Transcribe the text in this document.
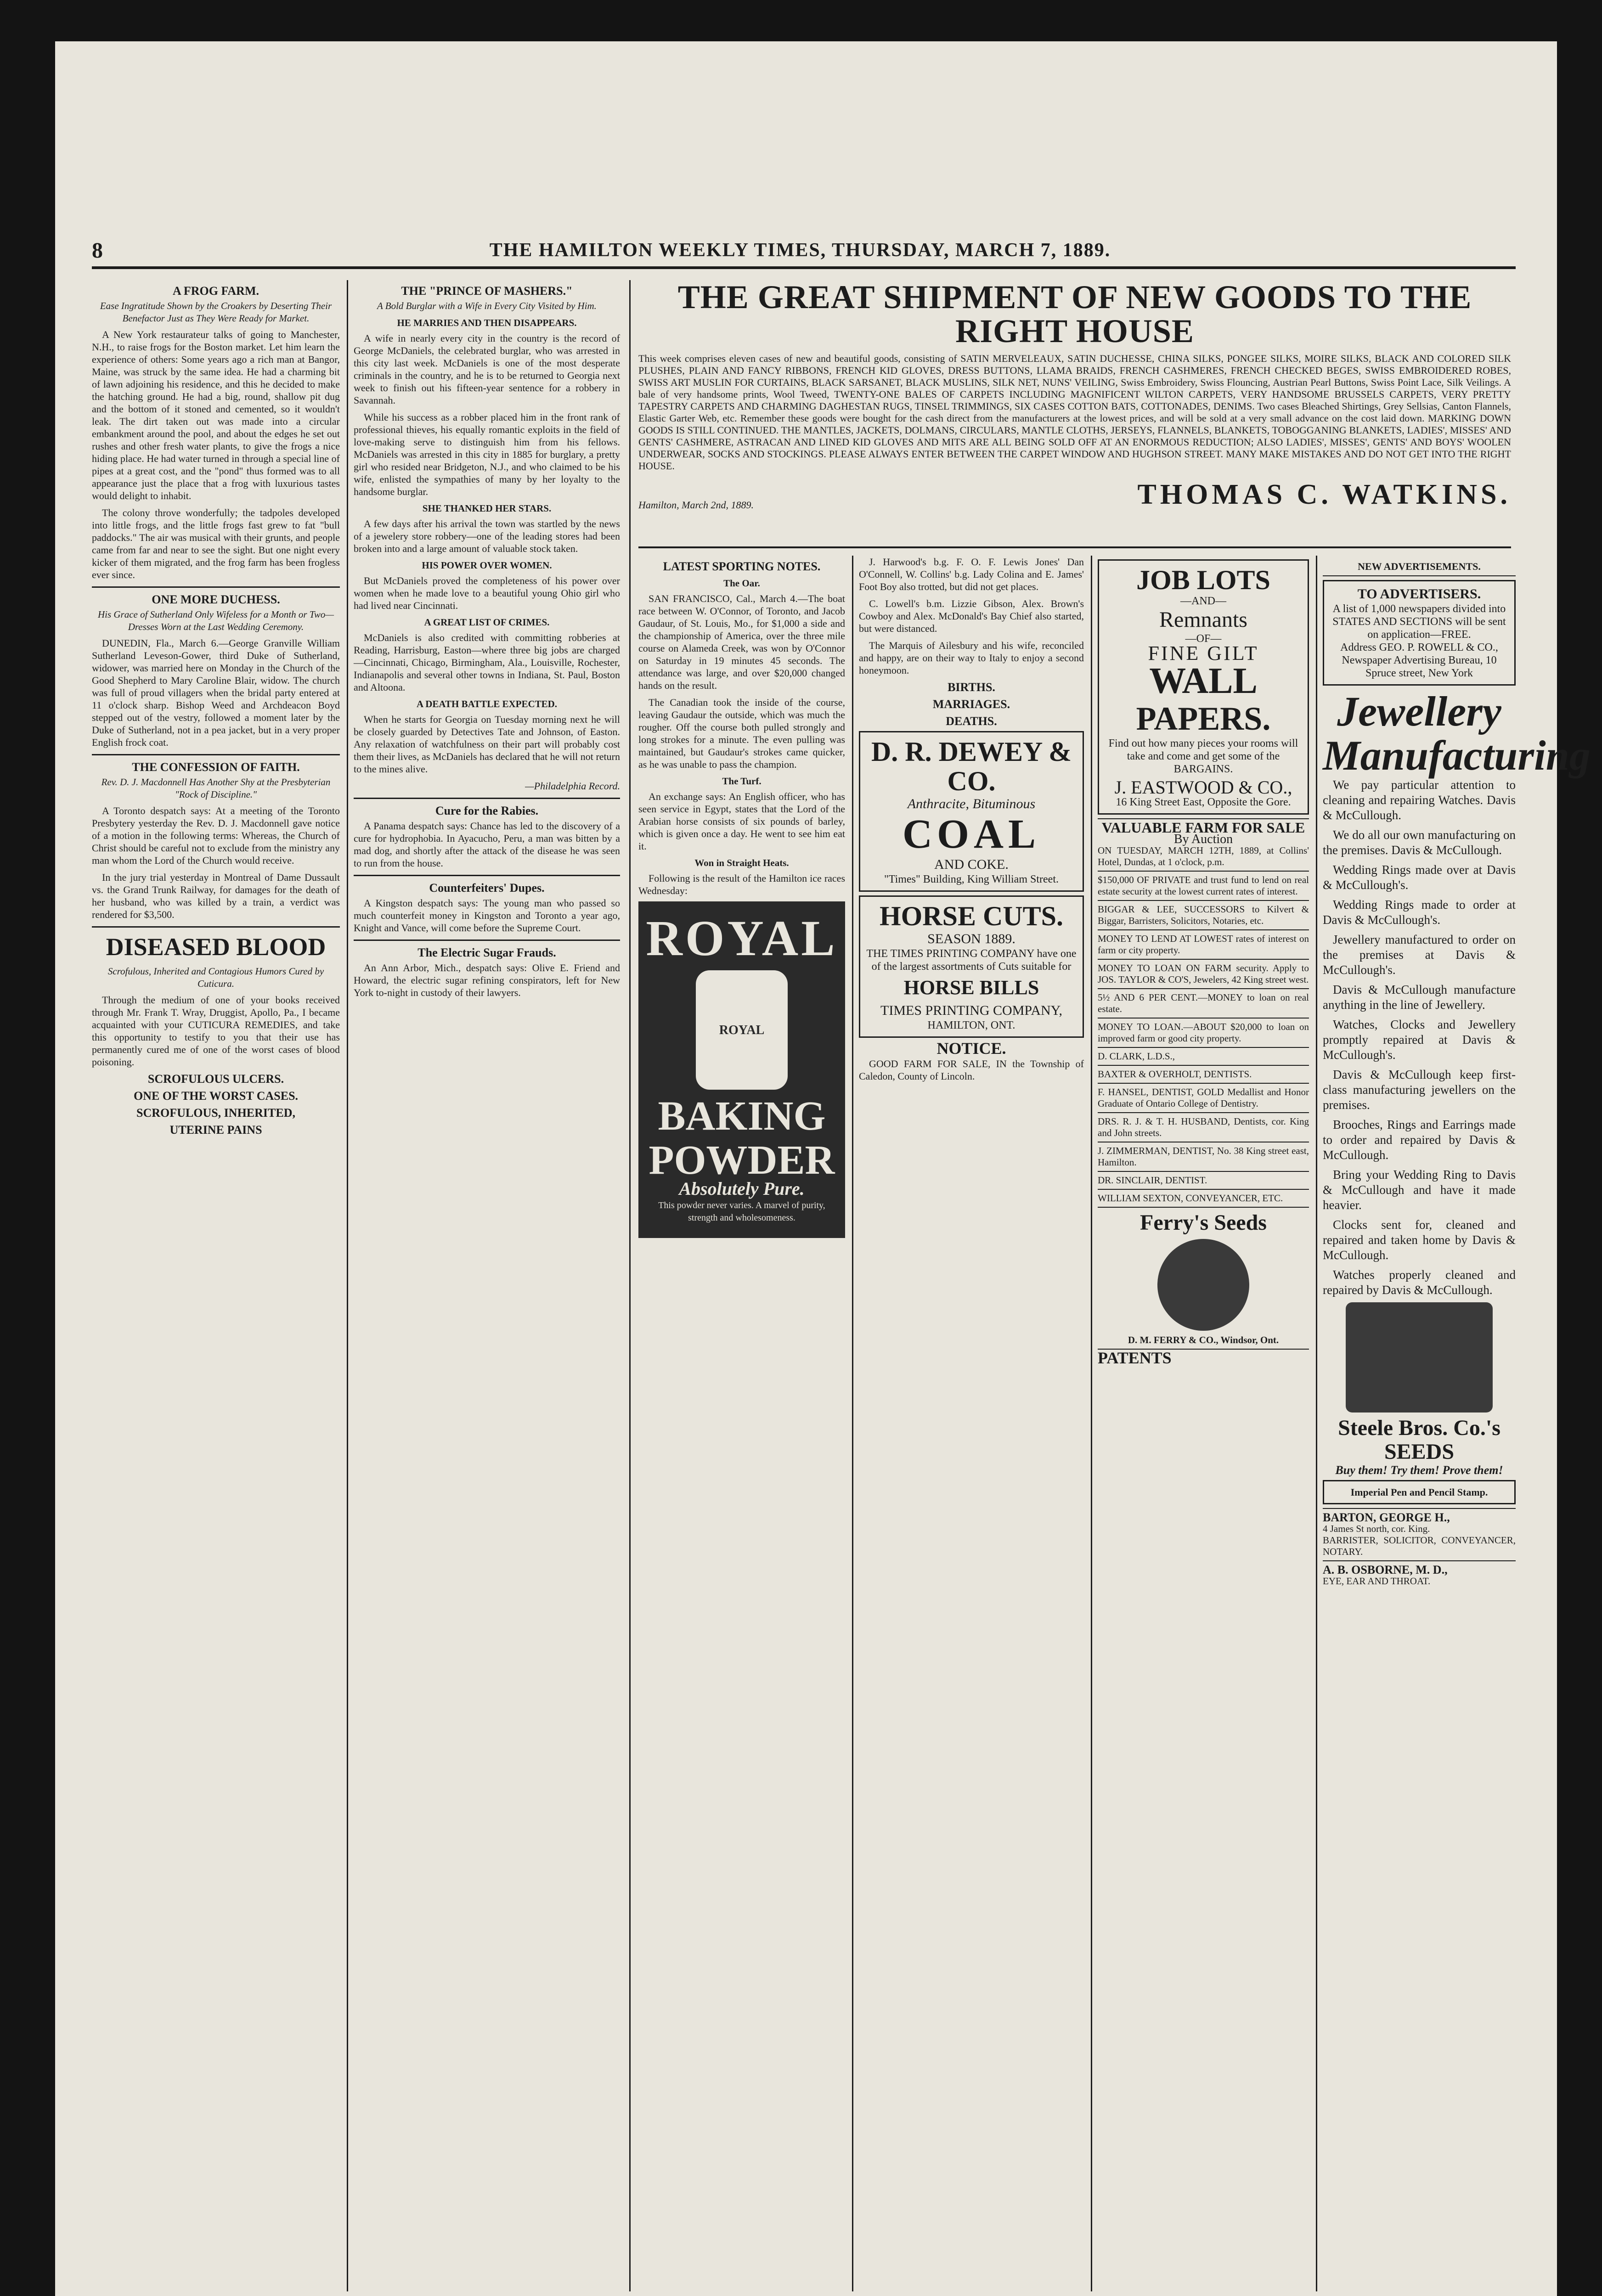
8	THE HAMILTON WEEKLY TIMES, THURSDAY, MARCH 7, 1889.
A FROG FARM.
Ease Ingratitude Shown by the Croakers by Deserting Their Benefactor Just as They Were Ready for Market.

A New York restaurateur talks of going to Manchester, N.H., to raise frogs for the Boston market. Let him learn the experience of others: Some years ago a rich man at Bangor, Maine, was struck by the same idea. He had a charming bit of lawn adjoining his residence, and this he decided to make the hatching ground. He had a big, round, shallow pit dug and the bottom of it stoned and cemented, so it wouldn't leak. The dirt taken out was made into a circular embankment around the pool, and about the edges he set out rushes and other fresh water plants, to give the frogs a nice hiding place. He had water turned in through a special line of pipes at a great cost, and the "pond" thus formed was to all appearance just the place that a frog with luxurious tastes would delight to inhabit.

The colony throve wonderfully; the tadpoles developed into little frogs, and the little frogs fast grew to fat "bull paddocks." The air was musical with their grunts, and people came from far and near to see the sight. But one night every kicker of them migrated, and the frog farm has been frogless ever since.

ONE MORE DUCHESS.
His Grace of Sutherland Only Wifeless for a Month or Two—Dresses Worn at the Last Wedding Ceremony.

DUNEDIN, Fla., March 6.—George Granville William Sutherland Leveson-Gower, third Duke of Sutherland, widower, was married here on Monday in the Church of the Good Shepherd to Mary Caroline Blair, widow. The church was full of proud villagers when the bridal party entered at 11 o'clock sharp. Bishop Weed and Archdeacon Boyd stepped out of the vestry, followed a moment later by the Duke of Sutherland, not in a pea jacket, but in a very proper English frock coat.

THE CONFESSION OF FAITH.
Rev. D. J. Macdonnell Has Another Shy at the Presbyterian "Rock of Discipline."

A Toronto despatch says: At a meeting of the Toronto Presbytery yesterday the Rev. D. J. Macdonnell gave notice of a motion in the following terms: Whereas, the Church of Christ should be careful not to exclude from the ministry any man whom the Lord of the Church would receive.

In the jury trial yesterday in Montreal of Dame Dussault vs. the Grand Trunk Railway, for damages for the death of her husband, who was killed by a train, a verdict was rendered for $3,500.

DISEASED BLOOD
Scrofulous, Inherited and Contagious Humors Cured by Cuticura.

Through the medium of one of your books received through Mr. Frank T. Wray, Druggist, Apollo, Pa., I became acquainted with your CUTICURA REMEDIES, and take this opportunity to testify to you that their use has permanently cured me of one of the worst cases of blood poisoning.

SCROFULOUS ULCERS.
ONE OF THE WORST CASES.
SCROFULOUS, INHERITED,
UTERINE PAINS
THE "PRINCE OF MASHERS."
A Bold Burglar with a Wife in Every City Visited by Him.
HE MARRIES AND THEN DISAPPEARS.

A wife in nearly every city in the country is the record of George McDaniels, the celebrated burglar, who was arrested in this city last week. McDaniels is one of the most desperate criminals in the country, and he is to be returned to Georgia next week to finish out his fifteen-year sentence for a robbery in Savannah.

While his success as a robber placed him in the front rank of professional thieves, his equally romantic exploits in the field of love-making serve to distinguish him from his fellows. McDaniels was arrested in this city in 1885 for burglary, a pretty girl who resided near Bridgeton, N.J., and who claimed to be his wife, enlisted the sympathies of many by her loyalty to the handsome burglar.

SHE THANKED HER STARS.

A few days after his arrival the town was startled by the news of a jewelery store robbery—one of the leading stores had been broken into and a large amount of valuable stock taken.

HIS POWER OVER WOMEN.

But McDaniels proved the completeness of his power over women when he made love to a beautiful young Ohio girl who had lived near Cincinnati.

A GREAT LIST OF CRIMES.

McDaniels is also credited with committing robberies at Reading, Harrisburg, Easton—where three big jobs are charged—Cincinnati, Chicago, Birmingham, Ala., Louisville, Rochester, Indianapolis and several other towns in Indiana, St. Paul, Boston and Altoona.

A DEATH BATTLE EXPECTED.

When he starts for Georgia on Tuesday morning next he will be closely guarded by Detectives Tate and Johnson, of Easton. Any relaxation of watchfulness on their part will probably cost them their lives, as McDaniels has declared that he will not return to the mines alive.

—Philadelphia Record.

Cure for the Rabies.

A Panama despatch says: Chance has led to the discovery of a cure for hydrophobia. In Ayacucho, Peru, a man was bitten by a mad dog, and shortly after the attack of the disease he was seen to run from the house.

Counterfeiters' Dupes.

A Kingston despatch says: The young man who passed so much counterfeit money in Kingston and Toronto a year ago, Knight and Vance, will come before the Supreme Court.

The Electric Sugar Frauds.

An Ann Arbor, Mich., despatch says: Olive E. Friend and Howard, the electric sugar refining conspirators, left for New York to-night in custody of their lawyers.

THE GREAT SHIPMENT OF NEW GOODS TO THE RIGHT HOUSE
This week comprises eleven cases of new and beautiful goods, consisting of SATIN MERVELEAUX, SATIN DUCHESSE, CHINA SILKS, PONGEE SILKS, MOIRE SILKS, BLACK AND COLORED SILK PLUSHES, PLAIN AND FANCY RIBBONS, FRENCH KID GLOVES, DRESS BUTTONS, LLAMA BRAIDS, FRENCH CASHMERES, FRENCH CHECKED BEGES, SWISS EMBROIDERED ROBES, SWISS ART MUSLIN FOR CURTAINS, BLACK SARSANET, BLACK MUSLINS, SILK NET, NUNS' VEILING, Swiss Embroidery, Swiss Flouncing, Austrian Pearl Buttons, Swiss Point Lace, Silk Veilings. A bale of very handsome prints, Wool Tweed, TWENTY-ONE BALES OF CARPETS INCLUDING MAGNIFICENT WILTON CARPETS, VERY HANDSOME BRUSSELS CARPETS, VERY PRETTY TAPESTRY CARPETS AND CHARMING DAGHESTAN RUGS, TINSEL TRIMMINGS, SIX CASES COTTON BATS, COTTONADES, DENIMS. Two cases Bleached Shirtings, Grey Sellsias, Canton Flannels, Elastic Garter Web, etc. Remember these goods were bought for the cash direct from the manufacturers at the lowest prices, and will be sold at a very small advance on the cost laid down. MARKING DOWN GOODS IS STILL CONTINUED. THE MANTLES, JACKETS, DOLMANS, CIRCULARS, MANTLE CLOTHS, JERSEYS, FLANNELS, BLANKETS, TOBOGGANING BLANKETS, LADIES', MISSES' AND GENTS' CASHMERE, ASTRACAN AND LINED KID GLOVES AND MITS ARE ALL BEING SOLD OFF AT AN ENORMOUS REDUCTION; ALSO LADIES', MISSES', GENTS' AND BOYS' WOOLEN UNDERWEAR, SOCKS AND STOCKINGS. PLEASE ALWAYS ENTER BETWEEN THE CARPET WINDOW AND HUGHSON STREET. MANY MAKE MISTAKES AND DO NOT GET INTO THE RIGHT HOUSE.
Hamilton, March 2nd, 1889.	THOMAS C. WATKINS.
LATEST SPORTING NOTES.
The Oar.

SAN FRANCISCO, Cal., March 4.—The boat race between W. O'Connor, of Toronto, and Jacob Gaudaur, of St. Louis, Mo., for $1,000 a side and the championship of America, over the three mile course on Alameda Creek, was won by O'Connor on Saturday in 19 minutes 45 seconds. The attendance was large, and over $20,000 changed hands on the result.

The Canadian took the inside of the course, leaving Gaudaur the outside, which was much the rougher. Off the course both pulled strongly and long strokes for a minute. The even pulling was maintained, but Gaudaur's strokes came quicker, as he was unable to pass the champion.

The Turf.

An exchange says: An English officer, who has seen service in Egypt, states that the Lord of the Arabian horse consists of six pounds of barley, which is given once a day. He went to see him eat it.

Won in Straight Heats.

Following is the result of the Hamilton ice races Wednesday:

ROYAL
ROYAL
BAKING
POWDER
Absolutely Pure.

This powder never varies. A marvel of purity, strength and wholesomeness.

J. Harwood's b.g. F. O. F. Lewis Jones' Dan O'Connell, W. Collins' b.g. Lady Colina and E. James' Foot Boy also trotted, but did not get places.

C. Lowell's b.m. Lizzie Gibson, Alex. Brown's Cowboy and Alex. McDonald's Bay Chief also started, but were distanced.

The Marquis of Ailesbury and his wife, reconciled and happy, are on their way to Italy to enjoy a second honeymoon.

BIRTHS.
MARRIAGES.
DEATHS.
D. R. DEWEY & CO.
Anthracite, Bituminous
COAL
AND COKE.
"Times" Building, King William Street.
HORSE CUTS.
SEASON 1889.
THE TIMES PRINTING COMPANY have one of the largest assortments of Cuts suitable for
HORSE BILLS
TIMES PRINTING COMPANY,
HAMILTON, ONT.
NOTICE.

GOOD FARM FOR SALE, IN the Township of Caledon, County of Lincoln.

JOB LOTS
—AND—
Remnants
—OF—
FINE GILT
WALL
PAPERS.
Find out how many pieces your rooms will take and come and get some of the BARGAINS.
J. EASTWOOD & CO.,
16 King Street East, Opposite the Gore.
VALUABLE FARM FOR SALE
By Auction
ON TUESDAY, MARCH 12TH, 1889, at Collins' Hotel, Dundas, at 1 o'clock, p.m.
$150,000 OF PRIVATE and trust fund to lend on real estate security at the lowest current rates of interest.
BIGGAR & LEE, SUCCESSORS to Kilvert & Biggar, Barristers, Solicitors, Notaries, etc.
MONEY TO LEND AT LOWEST rates of interest on farm or city property.
MONEY TO LOAN ON FARM security. Apply to JOS. TAYLOR & CO'S, Jewelers, 42 King street west.
5½ AND 6 PER CENT.—MONEY to loan on real estate.
MONEY TO LOAN.—ABOUT $20,000 to loan on improved farm or good city property.
D. CLARK, L.D.S.,
BAXTER & OVERHOLT, DENTISTS.
F. HANSEL, DENTIST, GOLD Medallist and Honor Graduate of Ontario College of Dentistry.
DRS. R. J. & T. H. HUSBAND, Dentists, cor. King and John streets.
J. ZIMMERMAN, DENTIST, No. 38 King street east, Hamilton.
DR. SINCLAIR, DENTIST.
WILLIAM SEXTON, CONVEYANCER, ETC.
Ferry's Seeds
D. M. FERRY & CO., Windsor, Ont.
PATENTS
NEW ADVERTISEMENTS.
TO ADVERTISERS.
A list of 1,000 newspapers divided into STATES AND SECTIONS will be sent on application—FREE.
Address GEO. P. ROWELL & CO., Newspaper Advertising Bureau, 10 Spruce street, New York
Jewellery Manufacturing

We pay particular attention to cleaning and repairing Watches. Davis & McCullough.

We do all our own manufacturing on the premises. Davis & McCullough.

Wedding Rings made over at Davis & McCullough's.

Wedding Rings made to order at Davis & McCullough's.

Jewellery manufactured to order on the premises at Davis & McCullough's.

Davis & McCullough manufacture anything in the line of Jewellery.

Watches, Clocks and Jewellery promptly repaired at Davis & McCullough's.

Davis & McCullough keep first-class manufacturing jewellers on the premises.

Brooches, Rings and Earrings made to order and repaired by Davis & McCullough.

Bring your Wedding Ring to Davis & McCullough and have it made heavier.

Clocks sent for, cleaned and repaired and taken home by Davis & McCullough.

Watches properly cleaned and repaired by Davis & McCullough.

Steele Bros. Co.'s SEEDS
Buy them! Try them! Prove them!
Imperial Pen and Pencil Stamp.
BARTON, GEORGE H.,
4 James St north, cor. King.
BARRISTER, SOLICITOR, CONVEYANCER, NOTARY.
A. B. OSBORNE, M. D.,
EYE, EAR AND THROAT.
